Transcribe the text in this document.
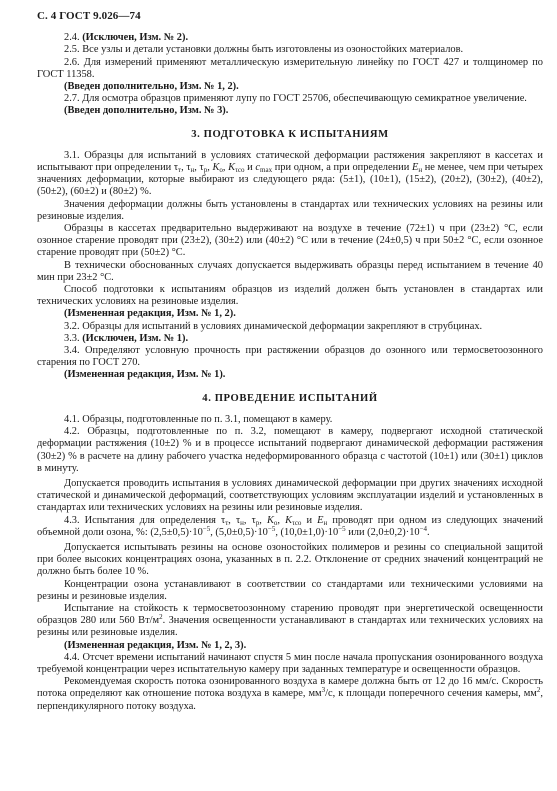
С. 4 ГОСТ 9.026—74

2.4. (Исключен, Изм. № 2).

2.5. Все узлы и детали установки должны быть изготовлены из озоностойких материалов.

2.6. Для измерений применяют металлическую измерительную линейку по ГОСТ 427 и толщиномер по ГОСТ 11358.

(Введен дополнительно, Изм. № 1, 2).

2.7. Для осмотра образцов применяют лупу по ГОСТ 25706, обеспечивающую семикратное увеличение.

(Введен дополнительно, Изм. № 3).

3. ПОДГОТОВКА К ИСПЫТАНИЯМ

3.1. Образцы для испытаний в условиях статической деформации растяжения закрепляют в кассетах и испытывают при определении $\tau_т$, $\tau_н$, $\tau_р$, $K_o$, $K_{\tau co}$ и $c_{max}$ при одном, а при определении $E_н$ не менее, чем при четырех значениях деформации, которые выбирают из следующего ряда: (5±1), (10±1), (15±2), (20±2), (30±2), (40±2), (50±2), (60±2) и (80±2) %.

Значения деформации должны быть установлены в стандартах или технических условиях на резины или резиновые изделия.

Образцы в кассетах предварительно выдерживают на воздухе в течение (72±1) ч при (23±2) °С, если озонное старение проводят при (23±2), (30±2) или (40±2) °С или в течение (24±0,5) ч при 50±2 °С, если озонное старение проводят при (50±2) °С.

В технически обоснованных случаях допускается выдерживать образцы перед испытанием в течение 40 мин при 23±2 °С.

Способ подготовки к испытаниям образцов из изделий должен быть установлен в стандартах или технических условиях на резиновые изделия.

(Измененная редакция, Изм. № 1, 2).

3.2. Образцы для испытаний в условиях динамической деформации закрепляют в струбцинах.

3.3. (Исключен, Изм. № 1).

3.4. Определяют условную прочность при растяжении образцов до озонного или термосветоозонного старения по ГОСТ 270.

(Измененная редакция, Изм. № 1).

4. ПРОВЕДЕНИЕ ИСПЫТАНИЙ

4.1. Образцы, подготовленные по п. 3.1, помещают в камеру.

4.2. Образцы, подготовленные по п. 3.2, помещают в камеру, подвергают исходной статической деформации растяжения (10±2) % и в процессе испытаний подвергают динамической деформации растяжения (30±2) % в расчете на длину рабочего участка недеформированного образца с частотой (10±1) или (30±1) циклов в минуту.

Допускается проводить испытания в условиях динамической деформации при других значениях исходной статической и динамической деформаций, соответствующих условиям эксплуатации изделий и установленных в стандартах или технических условиях на резины или резиновые изделия.

4.3. Испытания для определения $\tau_т$, $\tau_н$, $\tau_р$, $K_o$, $K_{\tau co}$ и $E_н$ проводят при одном из следующих значений объемной доли озона, %: $(2,5\pm 0,5)\cdot 10^{-5}$, $(5,0\pm 0,5)\cdot 10^{-5}$, $(10,0\pm 1,0)\cdot 10^{-5}$ или $(2,0\pm 0,2)\cdot 10^{-4}$.

Допускается испытывать резины на основе озоностойких полимеров и резины со специальной защитой при более высоких концентрациях озона, указанных в п. 2.2. Отклонение от средних значений концентраций не должно быть более 10 %.

Концентрации озона устанавливают в соответствии со стандартами или техническими условиями на резины и резиновые изделия.

Испытание на стойкость к термосветоозонному старению проводят при энергетической освещенности образцов 280 или 560 $Вт/м^2$. Значения освещенности устанавливают в стандартах или технических условиях на резины или резиновые изделия.

(Измененная редакция, Изм. № 1, 2, 3).

4.4. Отсчет времени испытаний начинают спустя 5 мин после начала пропускания озонированного воздуха требуемой концентрации через испытательную камеру при заданных температуре и освещенности образцов.

Рекомендуемая скорость потока озонированного воздуха в камере должна быть от 12 до 16 мм/с. Скорость потока определяют как отношение потока воздуха в камере, $мм^3/с$, к площади поперечного сечения камеры, $мм^2$, перпендикулярного потоку воздуха.
